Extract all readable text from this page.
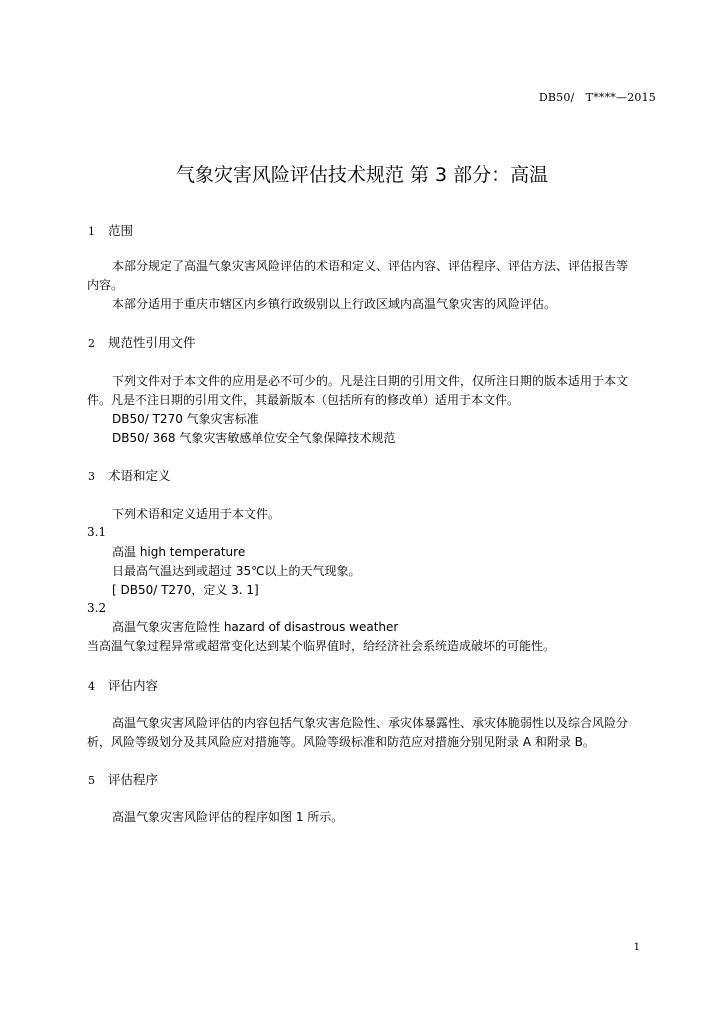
DB50/　T****—2015
气象灾害风险评估技术规范 第 3 部分：高温
1 范围
本部分规定了高温气象灾害风险评估的术语和定义、评估内容、评估程序、评估方法、评估报告等
内容。
本部分适用于重庆市辖区内乡镇行政级别以上行政区域内高温气象灾害的风险评估。
2 规范性引用文件
下列文件对于本文件的应用是必不可少的。凡是注日期的引用文件，仅所注日期的版本适用于本文
件。凡是不注日期的引用文件，其最新版本（包括所有的修改单）适用于本文件。
DB50/ T270 气象灾害标准
DB50/ 368 气象灾害敏感单位安全气象保障技术规范
3 术语和定义
下列术语和定义适用于本文件。
3.1
高温 high temperature
日最高气温达到或超过 35℃以上的天气现象。
[ DB50/ T270，定义 3. 1]
3.2
高温气象灾害危险性 hazard of disastrous weather
当高温气象过程异常或超常变化达到某个临界值时，给经济社会系统造成破坏的可能性。
4 评估内容
高温气象灾害风险评估的内容包括气象灾害危险性、承灾体暴露性、承灾体脆弱性以及综合风险分
析，风险等级划分及其风险应对措施等。风险等级标准和防范应对措施分别见附录 A 和附录 B。
5 评估程序
高温气象灾害风险评估的程序如图 1 所示。
1
